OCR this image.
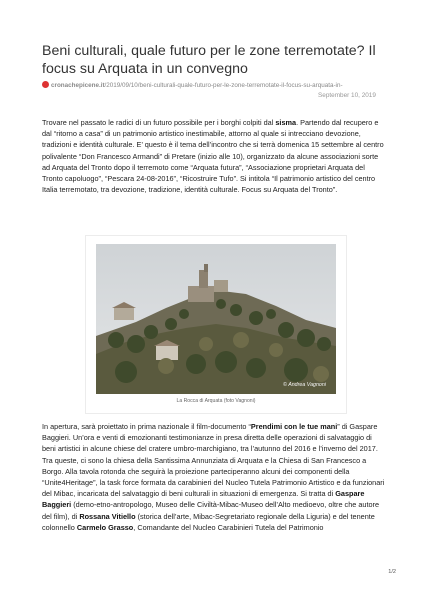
Beni culturali, quale futuro per le zone terremotate? Il focus su Arquata in un convegno
cronachepicene.it/2019/09/10/beni-culturali-quale-futuro-per-le-zone-terremotate-il-focus-su-arquata-in-
September 10, 2019

Trovare nel passato le radici di un futuro possibile per i borghi colpiti dal sisma. Partendo dal recupero e dal “ritorno a casa” di un patrimonio artistico inestimabile, attorno al quale si intrecciano devozione, tradizioni e identità culturale. E’ questo è il tema dell’incontro che si terrà domenica 15 settembre al centro polivalente “Don Francesco Armandi” di Pretare (inizio alle 10), organizzato da alcune associazioni sorte ad Arquata del Tronto dopo il terremoto come “Arquata futura”, “Associazione proprietari Arquata del Tronto capoluogo”, “Pescara 24-08-2016”, “Ricostruire Tufo”. Si intitola “Il patrimonio artistico del centro Italia terremotato, tra devozione, tradizione, identità culturale. Focus su Arquata del Tronto”.

© Andrea Vagnoni
La Rocca di Arquata (foto Vagnoni)

In apertura, sarà proiettato in prima nazionale il film-documento “Prendimi con le tue mani” di Gaspare Baggieri. Un’ora e venti di emozionanti testimonianze in presa diretta delle operazioni di salvataggio di beni artistici in alcune chiese del cratere umbro-marchigiano, tra l’autunno del 2016 e l’inverno del 2017. Tra queste, ci sono la chiesa della Santissima Annunziata di Arquata e la Chiesa di San Francesco a Borgo. Alla tavola rotonda che seguirà la proiezione parteciperanno alcuni dei componenti della “Unite4Heritage”, la task force formata da carabinieri del Nucleo Tutela Patrimonio Artistico e da funzionari del Mibac, incaricata del salvataggio di beni culturali in situazioni di emergenza. Si tratta di Gaspare Baggieri (demo-etno-antropologo, Museo delle Civiltà-Mibac-Museo dell’Alto medioevo, oltre che autore del film), di Rossana Vitiello (storica dell’arte, Mibac-Segretariato regionale della Liguria) e del tenente colonnello Carmelo Grasso, Comandante del Nucleo Carabinieri Tutela del Patrimonio

1/2
